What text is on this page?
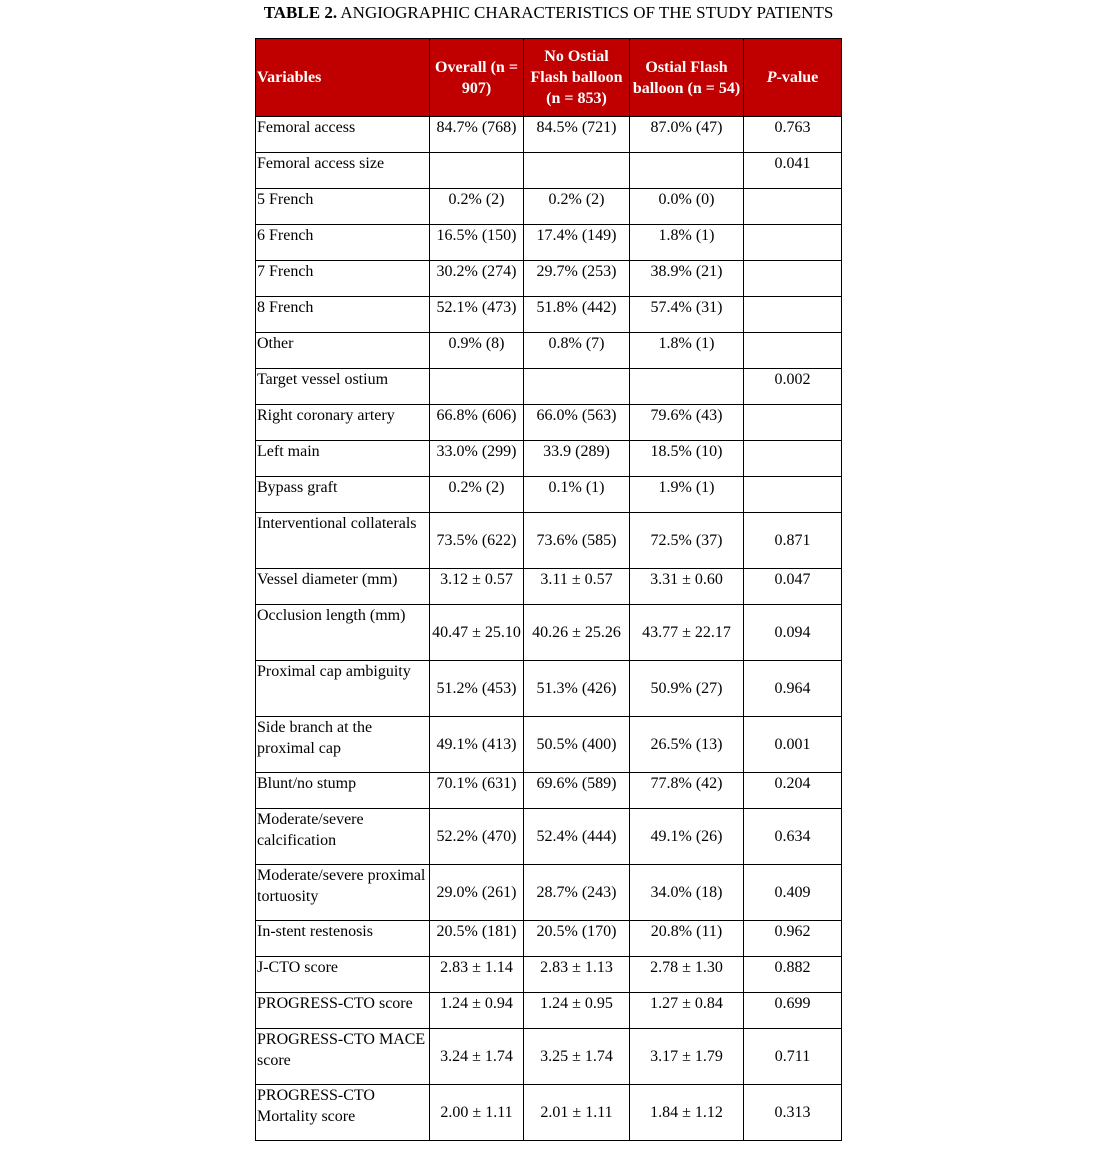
TABLE 2. ANGIOGRAPHIC CHARACTERISTICS OF THE STUDY PATIENTS
Variables	Overall (n = 907)	No Ostial Flash balloon (n = 853)	Ostial Flash balloon (n = 54)	P-value
Femoral access	84.7% (768)	84.5% (721)	87.0% (47)	0.763
Femoral access size				0.041
5 French	0.2% (2)	0.2% (2)	0.0% (0)	
6 French	16.5% (150)	17.4% (149)	1.8% (1)	
7 French	30.2% (274)	29.7% (253)	38.9% (21)	
8 French	52.1% (473)	51.8% (442)	57.4% (31)	
Other	0.9% (8)	0.8% (7)	1.8% (1)	
Target vessel ostium				0.002
Right coronary artery	66.8% (606)	66.0% (563)	79.6% (43)	
Left main	33.0% (299)	33.9 (289)	18.5% (10)	
Bypass graft	0.2% (2)	0.1% (1)	1.9% (1)	
Interventional collaterals	73.5% (622)	73.6% (585)	72.5% (37)	0.871
Vessel diameter (mm)	3.12 ± 0.57	3.11 ± 0.57	3.31 ± 0.60	0.047
Occlusion length (mm)	40.47 ± 25.10	40.26 ± 25.26	43.77 ± 22.17	0.094
Proximal cap ambiguity	51.2% (453)	51.3% (426)	50.9% (27)	0.964
Side branch at the proximal cap	49.1% (413)	50.5% (400)	26.5% (13)	0.001
Blunt/no stump	70.1% (631)	69.6% (589)	77.8% (42)	0.204
Moderate/severe calcification	52.2% (470)	52.4% (444)	49.1% (26)	0.634
Moderate/severe proximal tortuosity	29.0% (261)	28.7% (243)	34.0% (18)	0.409
In-stent restenosis	20.5% (181)	20.5% (170)	20.8% (11)	0.962
J-CTO score	2.83 ± 1.14	2.83 ± 1.13	2.78 ± 1.30	0.882
PROGRESS-CTO score	1.24 ± 0.94	1.24 ± 0.95	1.27 ± 0.84	0.699
PROGRESS-CTO MACE score	3.24 ± 1.74	3.25 ± 1.74	3.17 ± 1.79	0.711
PROGRESS-CTO Mortality score	2.00 ± 1.11	2.01 ± 1.11	1.84 ± 1.12	0.313
